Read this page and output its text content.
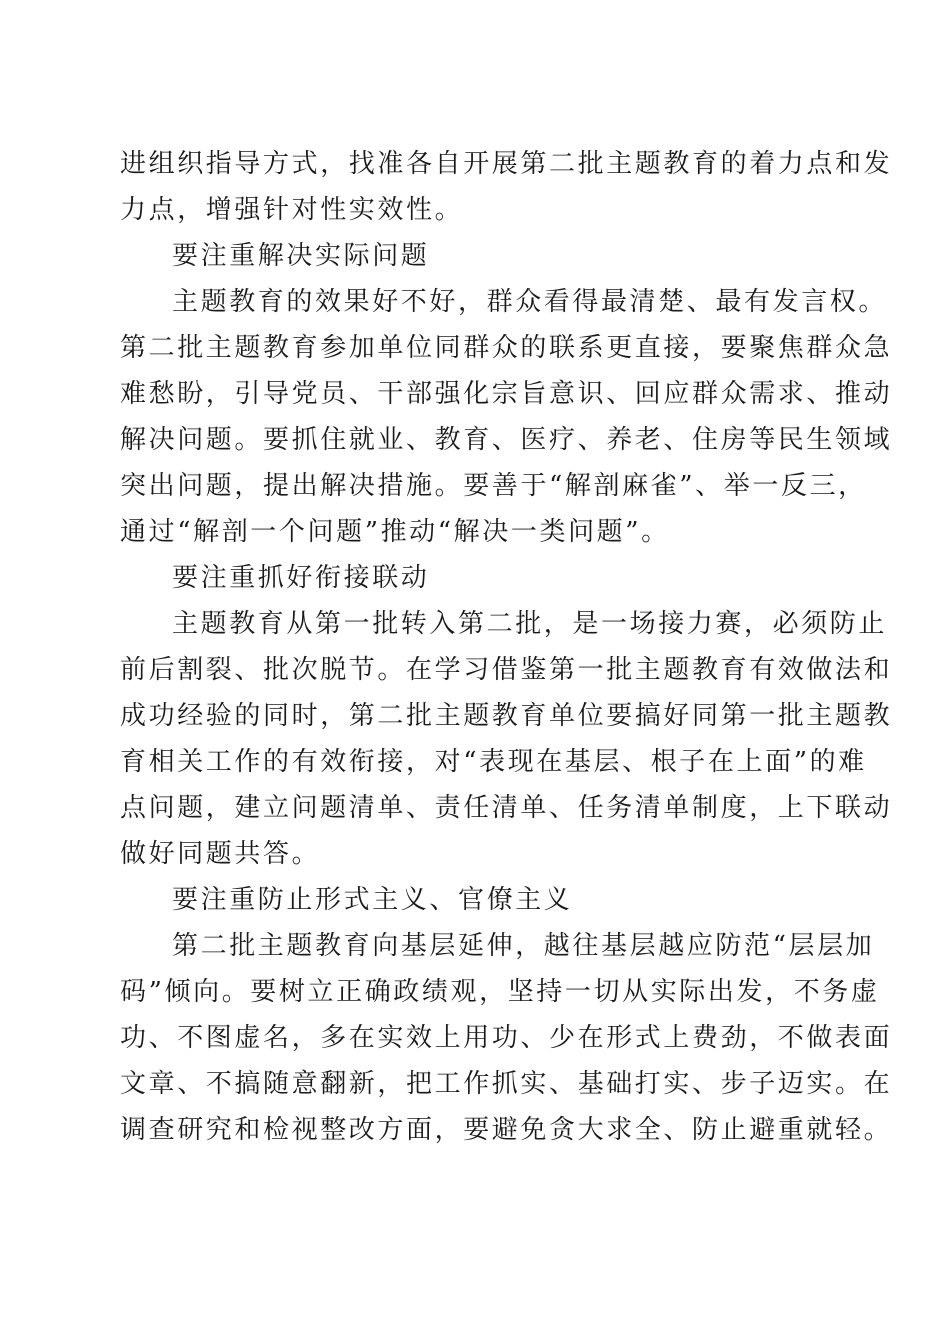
进组织指导方式，找准各自开展第二批主题教育的着力点和发
力点，增强针对性实效性。
要注重解决实际问题
主题教育的效果好不好，群众看得最清楚、最有发言权。
第二批主题教育参加单位同群众的联系更直接，要聚焦群众急
难愁盼，引导党员、干部强化宗旨意识、回应群众需求、推动
解决问题。要抓住就业、教育、医疗、养老、住房等民生领域
突出问题，提出解决措施。要善于“解剖麻雀”、举一反三，
通过“解剖一个问题”推动“解决一类问题”。
要注重抓好衔接联动
主题教育从第一批转入第二批，是一场接力赛，必须防止
前后割裂、批次脱节。在学习借鉴第一批主题教育有效做法和
成功经验的同时，第二批主题教育单位要搞好同第一批主题教
育相关工作的有效衔接，对“表现在基层、根子在上面”的难
点问题，建立问题清单、责任清单、任务清单制度，上下联动
做好同题共答。
要注重防止形式主义、官僚主义
第二批主题教育向基层延伸，越往基层越应防范“层层加
码”倾向。要树立正确政绩观，坚持一切从实际出发，不务虚
功、不图虚名，多在实效上用功、少在形式上费劲，不做表面
文章、不搞随意翻新，把工作抓实、基础打实、步子迈实。在
调查研究和检视整改方面，要避免贪大求全、防止避重就轻。
